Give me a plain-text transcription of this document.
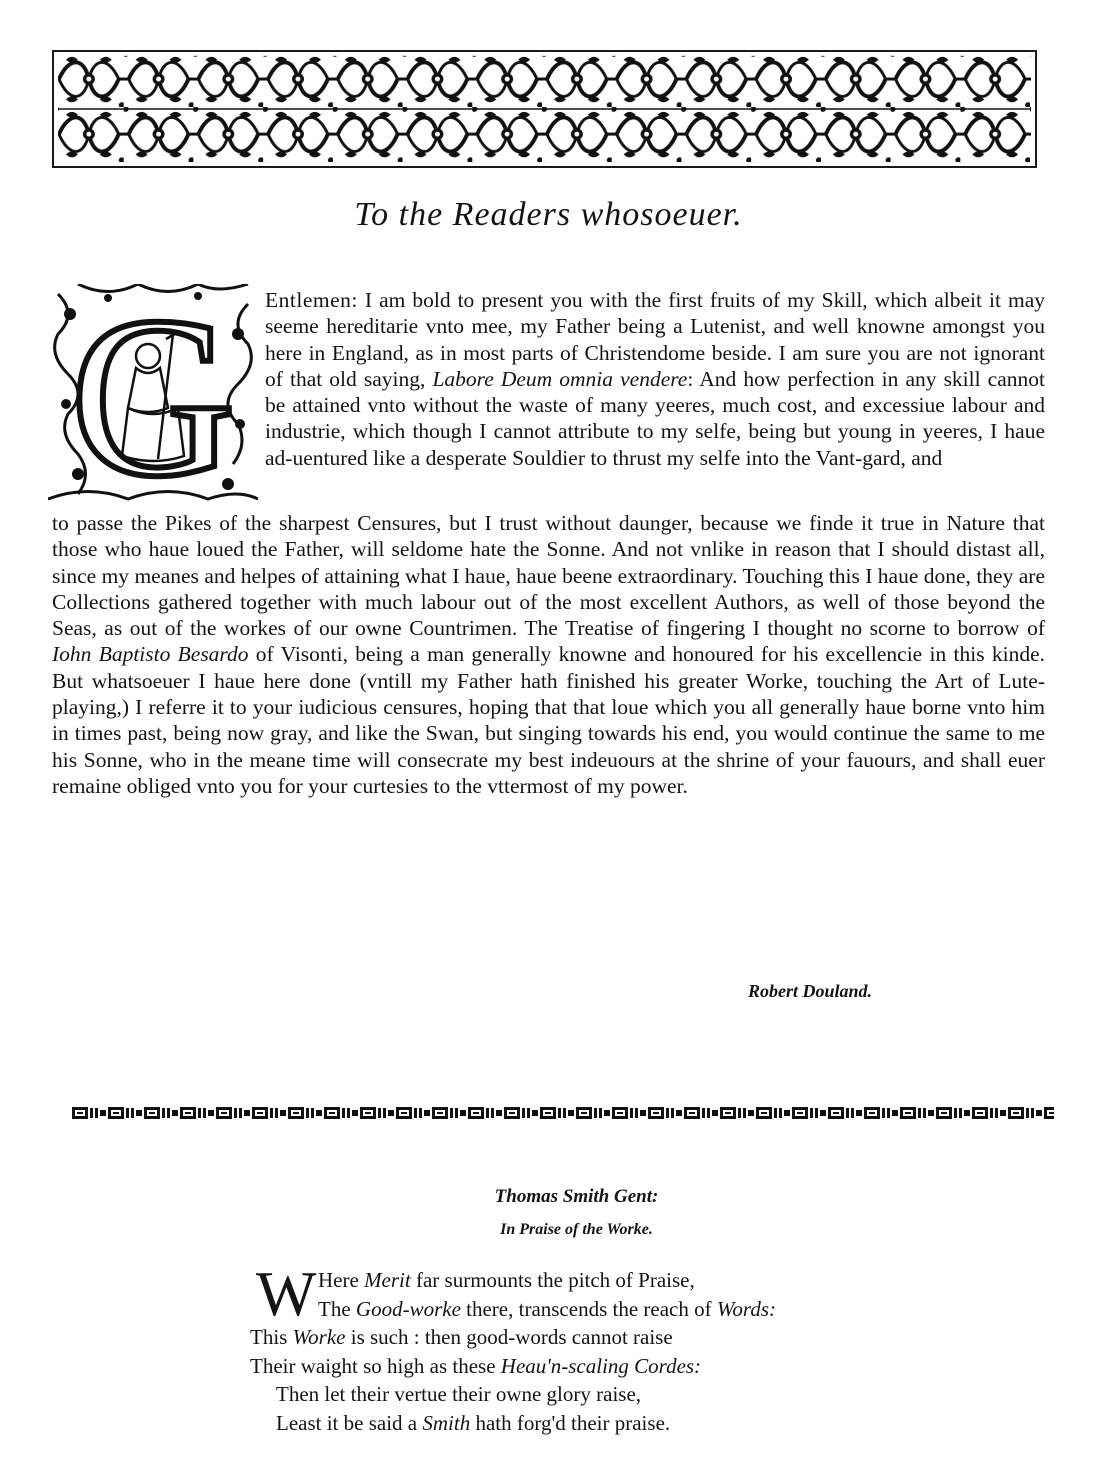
To the Readers whosoeuer.
G Entlemen: I am bold to present you with the first fruits of my Skill, which albeit it may seeme hereditarie vnto mee, my Father being a Lutenist, and well knowne amongst you here in England, as in most parts of Christendome beside. I am sure you are not ignorant of that old saying, Labore Deum omnia vendere: And how perfection in any skill cannot be attained vnto without the waste of many yeeres, much cost, and excessiue labour and industrie, which though I cannot attribute to my selfe, being but young in yeeres, I haue ad-uentured like a desperate Souldier to thrust my selfe into the Vant-gard, and

to passe the Pikes of the sharpest Censures, but I trust without daunger, because we finde it true in Nature that those who haue loued the Father, will seldome hate the Sonne. And not vnlike in reason that I should distast all, since my meanes and helpes of attaining what I haue, haue beene extraordinary. Touching this I haue done, they are Collections gathered together with much labour out of the most excellent Authors, as well of those beyond the Seas, as out of the workes of our owne Countrimen. The Treatise of fingering I thought no scorne to borrow of Iohn Baptisto Besardo of Visonti, being a man generally knowne and honoured for his excellencie in this kinde. But whatsoeuer I haue here done (vntill my Father hath finished his greater Worke, touching the Art of Lute-playing,) I referre it to your iudicious censures, hoping that that loue which you all generally haue borne vnto him in times past, being now gray, and like the Swan, but singing towards his end, you would continue the same to me his Sonne, who in the meane time will consecrate my best indeuours at the shrine of your fauours, and shall euer remaine obliged vnto you for your curtesies to the vttermost of my power.

Robert Douland.
Thomas Smith Gent:
In Praise of the Worke.
W Here Merit far surmounts the pitch of Praise,
The Good-worke there, transcends the reach of Words:
This Worke is such : then good-words cannot raise
Their waight so high as these Heau'n-scaling Cordes:
Then let their vertue their owne glory raise,
Least it be said a Smith hath forg'd their praise.
